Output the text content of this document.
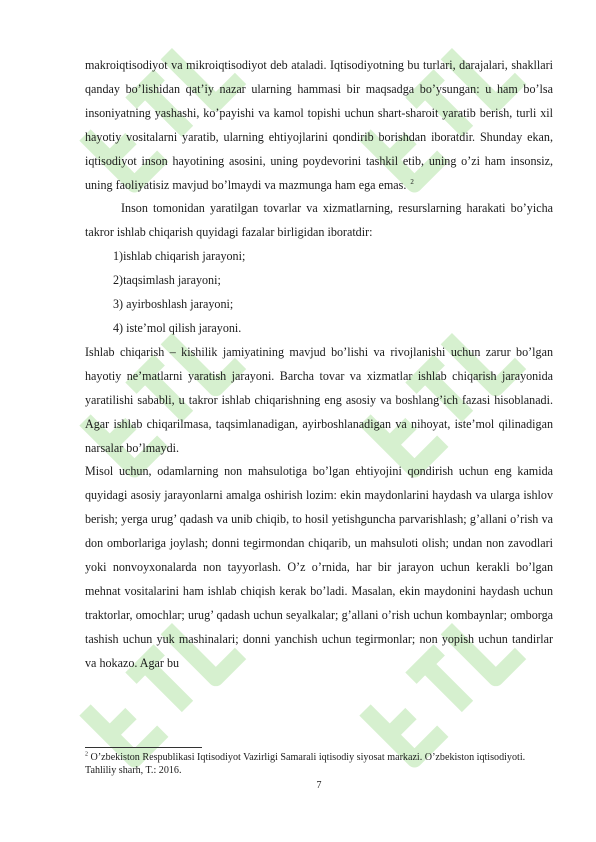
makroiqtisodiyot va mikroiqtisodiyot deb ataladi. Iqtisodiyotning bu turlari, darajalari, shakllari qanday bo’lishidan qat’iy nazar ularning hammasi bir maqsadga bo’ysungan: u ham bo’lsa insoniyatning yashashi, ko’payishi va kamol topishi uchun shart-sharoit yaratib berish, turli xil hayotiy vositalarni yaratib, ularning ehtiyojlarini qondirib borishdan iboratdir. Shunday ekan, iqtisodiyot inson hayotining asosini, uning poydevorini tashkil etib, uning o’zi ham insonsiz, uning faoliyatisiz mavjud bo’lmaydi va mazmunga ham ega emas. $^2$

Inson tomonidan yaratilgan tovarlar va xizmatlarning, resurslarning harakati bo’yicha takror ishlab chiqarish quyidagi fazalar birligidan iboratdir:

1)ishlab chiqarish jarayoni;

2)taqsimlash jarayoni;

3) ayirboshlash jarayoni;

4) iste’mol qilish jarayoni.

Ishlab chiqarish – kishilik jamiyatining mavjud bo’lishi va rivojlanishi uchun zarur bo’lgan hayotiy ne’matlarni yaratish jarayoni. Barcha tovar va xizmatlar ishlab chiqarish jarayonida yaratilishi sababli, u takror ishlab chiqarishning eng asosiy va boshlang’ich fazasi hisoblanadi. Agar ishlab chiqarilmasa, taqsimlanadigan, ayirboshlanadigan va nihoyat, iste’mol qilinadigan narsalar bo’lmaydi.

Misol uchun, odamlarning non mahsulotiga bo’lgan ehtiyojini qondirish uchun eng kamida quyidagi asosiy jarayonlarni amalga oshirish lozim: ekin maydonlarini haydash va ularga ishlov berish; yerga urug’ qadash va unib chiqib, to hosil yetishguncha parvarishlash; g’allani o’rish va don omborlariga joylash; donni tegirmondan chiqarib, un mahsuloti olish; undan non zavodlari yoki nonvoyxonalarda non tayyorlash. O’z o’rnida, har bir jarayon uchun kerakli bo’lgan mehnat vositalarini ham ishlab chiqish kerak bo’ladi. Masalan, ekin maydonini haydash uchun traktorlar, omochlar; urug’ qadash uchun seyalkalar; g’allani o’rish uchun kombaynlar; omborga tashish uchun yuk mashinalari; donni yanchish uchun tegirmonlar; non yopish uchun tandirlar va hokazo. Agar bu

$^2$ O’zbekiston Respublikasi Iqtisodiyot Vazirligi Samarali iqtisodiy siyosat markazi. O’zbekiston iqtisodiyoti. Tahliliy sharh, T.: 2016.
7
